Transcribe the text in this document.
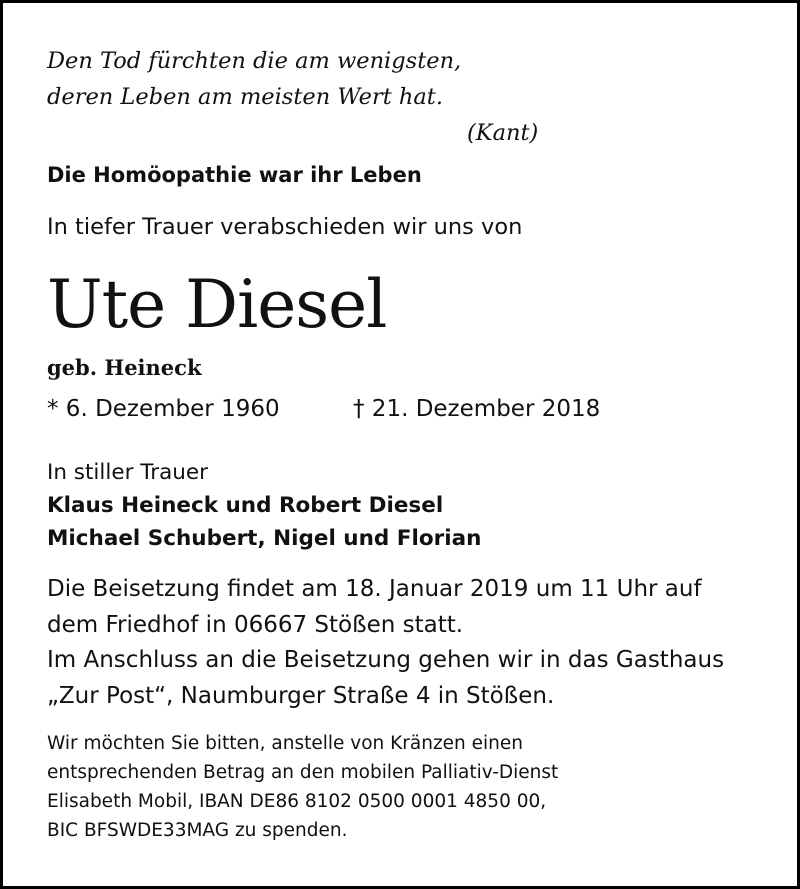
Den Tod fürchten die am wenigsten,
deren Leben am meisten Wert hat.
(Kant)
Die Homöopathie war ihr Leben
In tiefer Trauer verabschieden wir uns von
Ute Diesel
geb. Heineck
* 6. Dezember 1960	† 21. Dezember 2018
In stiller Trauer
Klaus Heineck und Robert Diesel
Michael Schubert, Nigel und Florian
Die Beisetzung findet am 18. Januar 2019 um 11 Uhr auf
dem Friedhof in 06667 Stößen statt.
Im Anschluss an die Beisetzung gehen wir in das Gasthaus
„Zur Post“, Naumburger Straße 4 in Stößen.
Wir möchten Sie bitten, anstelle von Kränzen einen
entsprechenden Betrag an den mobilen Palliativ-Dienst
Elisabeth Mobil, IBAN DE86 8102 0500 0001 4850 00,
BIC BFSWDE33MAG zu spenden.
